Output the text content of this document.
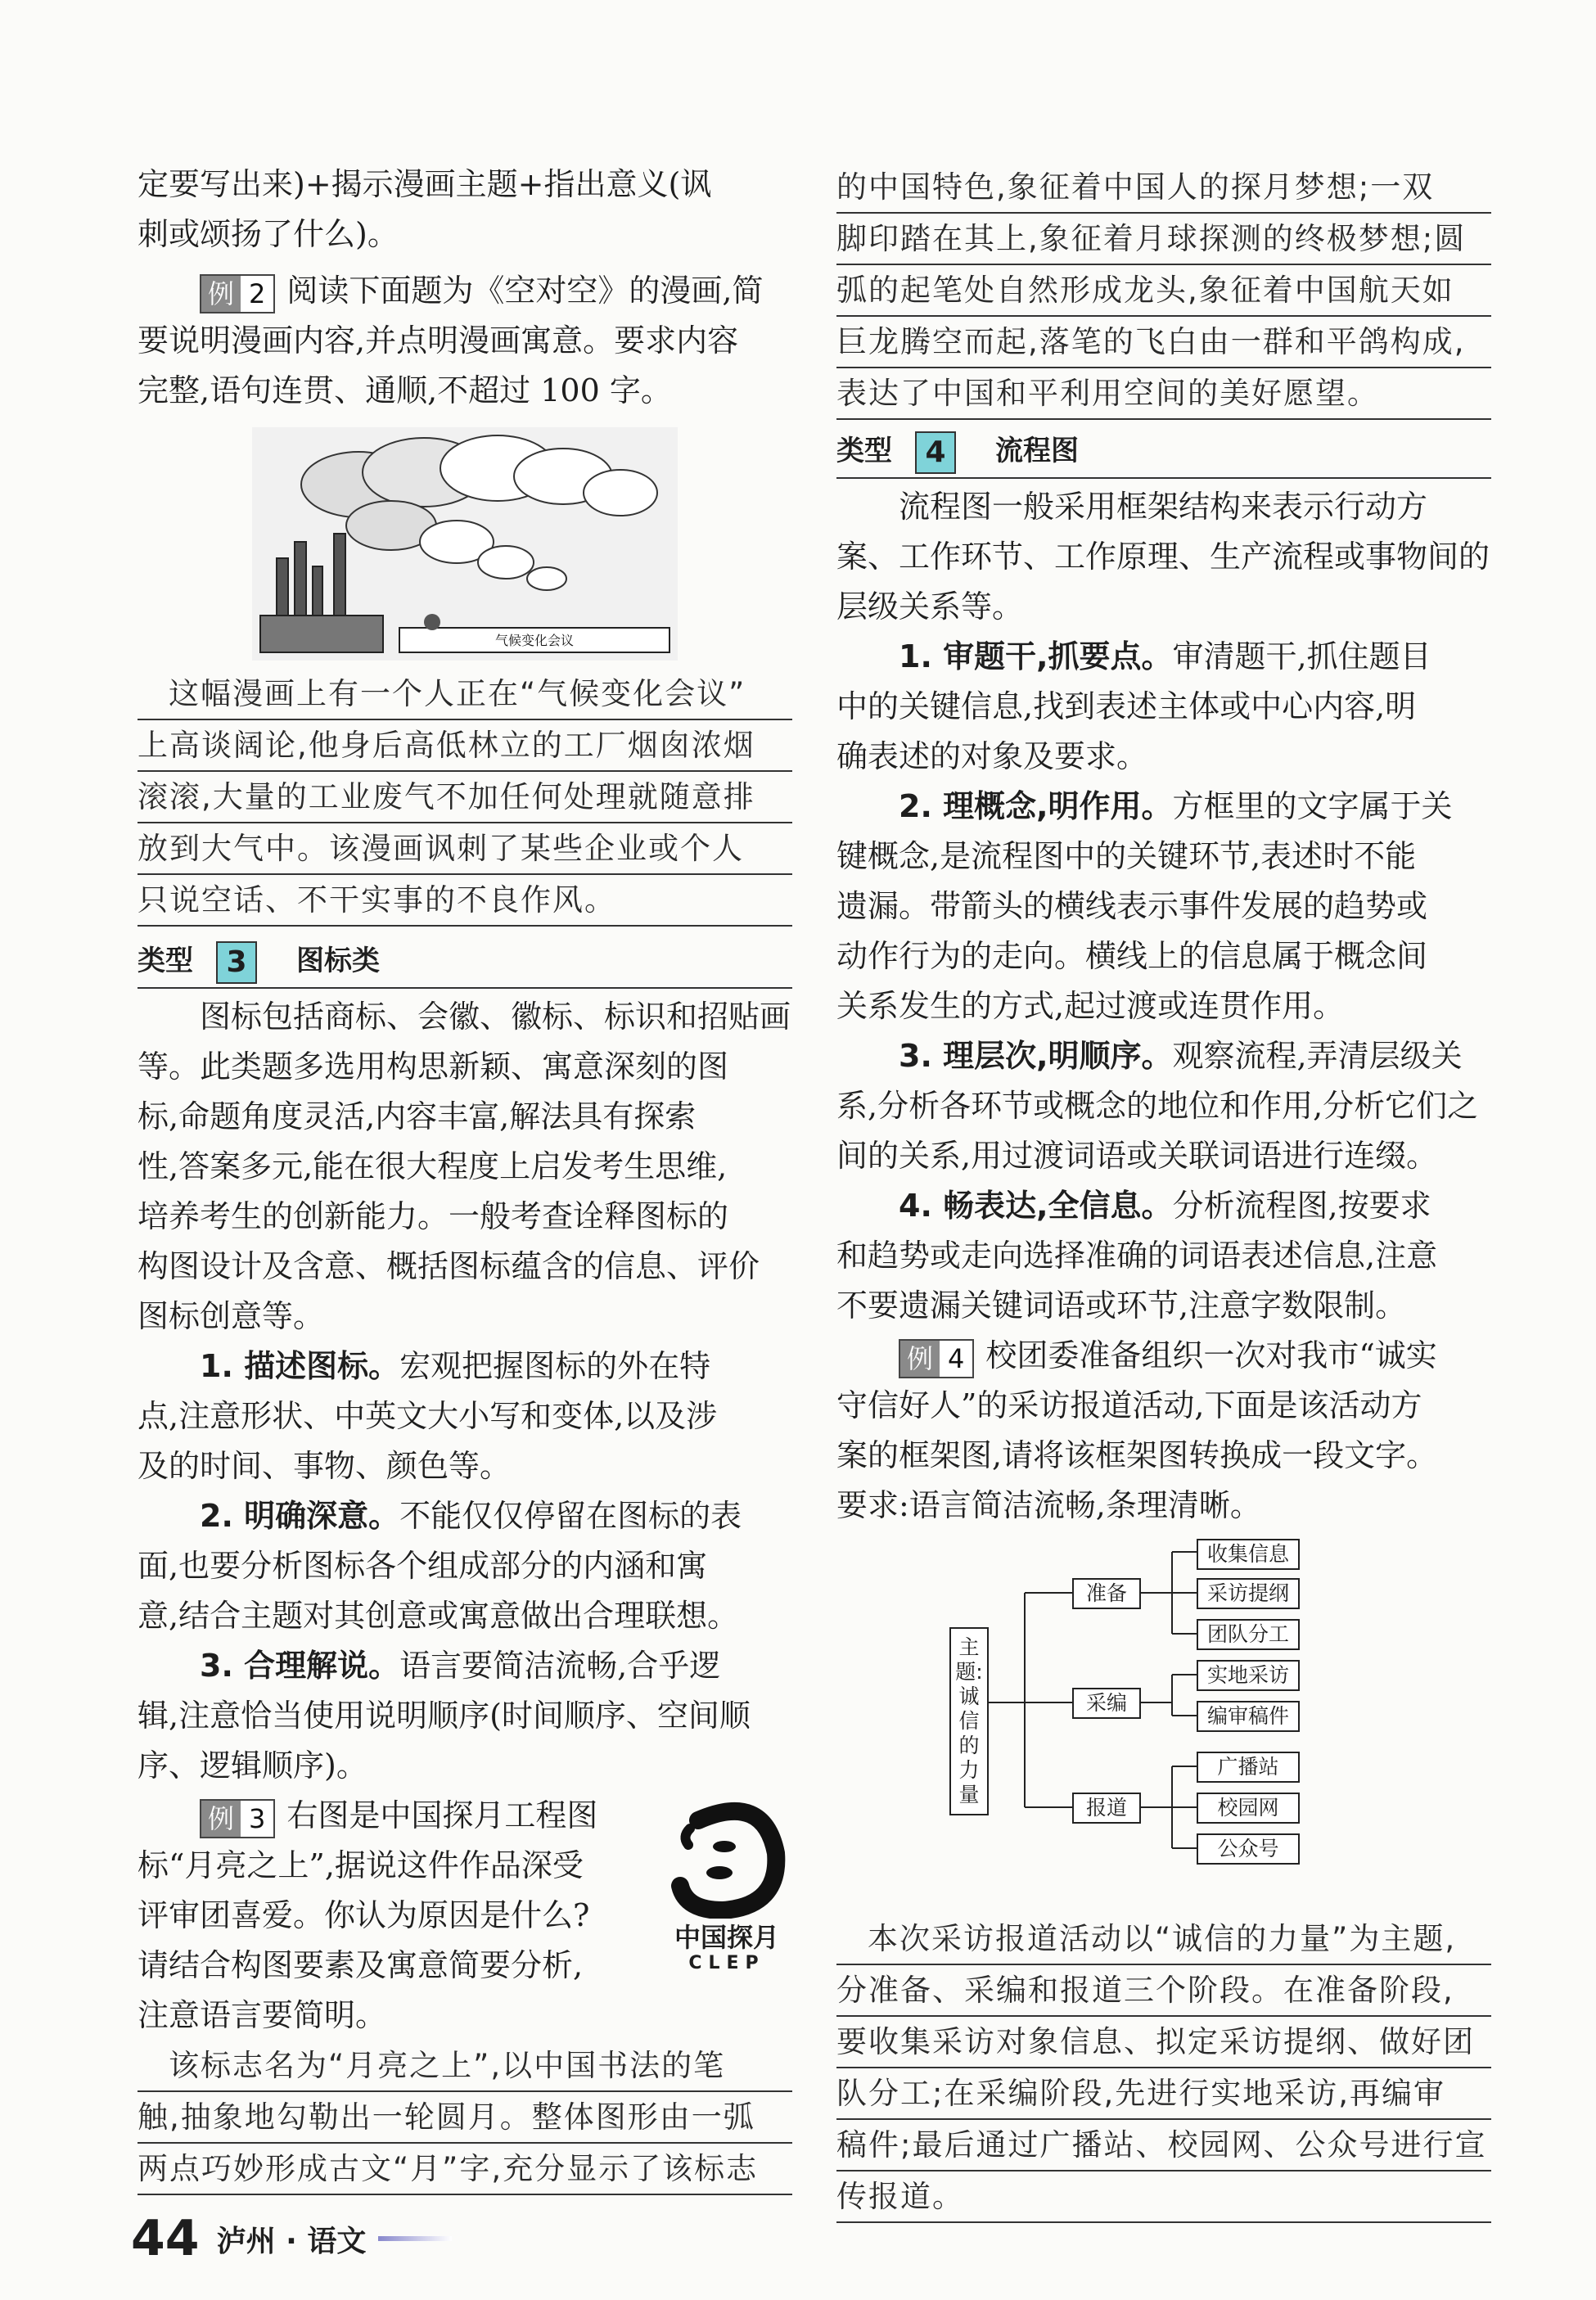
定要写出来)+揭示漫画主题+指出意义(讽

刺或颂扬了什么)。

例 2 阅读下面题为《空对空》的漫画,简

要说明漫画内容,并点明漫画寓意。要求内容

完整,语句连贯、通顺,不超过 100 字。

气候变化会议
这幅漫画上有一个人正在“气候变化会议”
上高谈阔论,他身后高低林立的工厂烟囱浓烟
滚滚,大量的工业废气不加任何处理就随意排
放到大气中。该漫画讽刺了某些企业或个人
只说空话、不干实事的不良作风。
类型 3 图标类

图标包括商标、会徽、徽标、标识和招贴画

等。此类题多选用构思新颖、寓意深刻的图

标,命题角度灵活,内容丰富,解法具有探索

性,答案多元,能在很大程度上启发考生思维,

培养考生的创新能力。一般考查诠释图标的

构图设计及含意、概括图标蕴含的信息、评价

图标创意等。

1. 描述图标。宏观把握图标的外在特

点,注意形状、中英文大小写和变体,以及涉

及的时间、事物、颜色等。

2. 明确深意。不能仅仅停留在图标的表

面,也要分析图标各个组成部分的内涵和寓

意,结合主题对其创意或寓意做出合理联想。

3. 合理解说。语言要简洁流畅,合乎逻

辑,注意恰当使用说明顺序(时间顺序、空间顺

序、逻辑顺序)。

中国探月
CLEP

例 3 右图是中国探月工程图

标“月亮之上”,据说这件作品深受

评审团喜爱。你认为原因是什么?

请结合构图要素及寓意简要分析,

注意语言要简明。

该标志名为“月亮之上”,以中国书法的笔
触,抽象地勾勒出一轮圆月。整体图形由一弧
两点巧妙形成古文“月”字,充分显示了该标志
的中国特色,象征着中国人的探月梦想;一双
脚印踏在其上,象征着月球探测的终极梦想;圆
弧的起笔处自然形成龙头,象征着中国航天如
巨龙腾空而起,落笔的飞白由一群和平鸽构成,
表达了中国和平利用空间的美好愿望。
类型 4 流程图

流程图一般采用框架结构来表示行动方

案、工作环节、工作原理、生产流程或事物间的

层级关系等。

1. 审题干,抓要点。审清题干,抓住题目

中的关键信息,找到表述主体或中心内容,明

确表述的对象及要求。

2. 理概念,明作用。方框里的文字属于关

键概念,是流程图中的关键环节,表述时不能

遗漏。带箭头的横线表示事件发展的趋势或

动作行为的走向。横线上的信息属于概念间

关系发生的方式,起过渡或连贯作用。

3. 理层次,明顺序。观察流程,弄清层级关

系,分析各环节或概念的地位和作用,分析它们之

间的关系,用过渡词语或关联词语进行连缀。

4. 畅表达,全信息。分析流程图,按要求

和趋势或走向选择准确的词语表述信息,注意

不要遗漏关键词语或环节,注意字数限制。

例 4 校团委准备组织一次对我市“诚实

守信好人”的采访报道活动,下面是该活动方

案的框架图,请将该框架图转换成一段文字。

要求:语言简洁流畅,条理清晰。

主题:诚信的力量
准备
采编
报道
收集信息
采访提纲
团队分工
实地采访
编审稿件
广播站
校园网
公众号
本次采访报道活动以“诚信的力量”为主题,
分准备、采编和报道三个阶段。在准备阶段,
要收集采访对象信息、拟定采访提纲、做好团
队分工;在采编阶段,先进行实地采访,再编审
稿件;最后通过广播站、校园网、公众号进行宣
传报道。
44 泸州 · 语文
